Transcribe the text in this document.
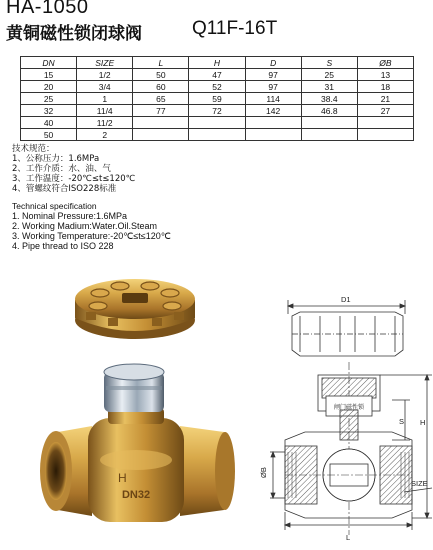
HA-1050
黄铜磁性锁闭球阀	Q11F-16T
DN	SIZE	L	H	D	S	ØB
15	1/2	50	47	97	25	13
20	3/4	60	52	97	31	18
25	1	65	59	114	38.4	21
32	11/4	77	72	142	46.8	27
40	11/2					
50	2					
技术规范：
1、公称压力：1.6MPa
2、工作介质：水、油、气
3、工作温度：-20℃≤t≤120℃
4、管螺纹符合ISO228标准
Technical specification
1. Nominal Pressure:1.6MPa
2. Working Madium:Water.Oil.Steam
3. Working Temperature:-20℃≤t≤120℃
4. Pipe thread to ISO 228
DN32
H
D1
S H
ØB
SIZE
L
闸门磁性锁
